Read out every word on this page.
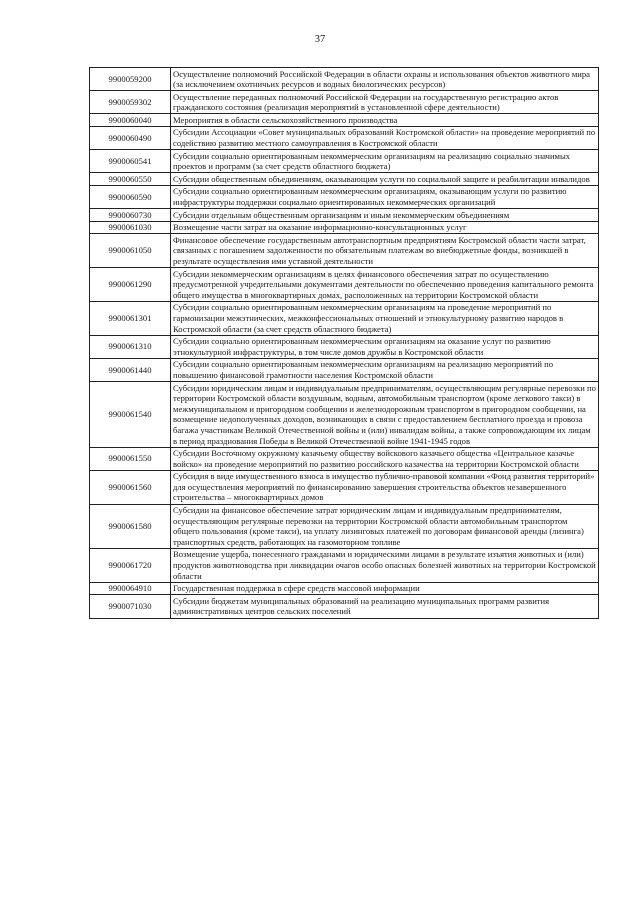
37
9900059200	Осуществление полномочий Российской Федерации в области охраны и использования объектов животного мира (за исключением охотничьих ресурсов и водных биологических ресурсов)
9900059302	Осуществление переданных полномочий Российской Федерации на государственную регистрацию актов гражданского состояния (реализация мероприятий в установленной сфере деятельности)
9900060040	Мероприятия в области сельскохозяйственного производства
9900060490	Субсидии Ассоциации «Совет муниципальных образований Костромской области» на проведение мероприятий по содействию развитию местного самоуправления в Костромской области
9900060541	Субсидии социально ориентированным некоммерческим организациям на реализацию социально значимых проектов и программ (за счет средств областного бюджета)
9900060550	Субсидии общественным объединениям, оказывающим услуги по социальной защите и реабилитации инвалидов
9900060590	Субсидии социально ориентированным некоммерческим организациям, оказывающим услуги по развитию инфраструктуры поддержки социально ориентированных некоммерческих организаций
9900060730	Субсидии отдельным общественным организациям и иным некоммерческим объединениям
9900061030	Возмещение части затрат на оказание информационно-консультационных услуг
9900061050	Финансовое обеспечение государственным автотранспортным предприятиям Костромской области части затрат, связанных с погашением задолженности по обязательным платежам во внебюджетные фонды, возникшей в результате осуществления ими уставной деятельности
9900061290	Субсидии некоммерческим организациям в целях финансового обеспечения затрат по осуществлению предусмотренной учредительными документами деятельности по обеспечению проведения капитального ремонта общего имущества в многоквартирных домах, расположенных на территории Костромской области
9900061301	Субсидии социально ориентированным некоммерческим организациям на проведение мероприятий по гармонизации межэтнических, межконфессиональных отношений и этнокультурному развитию народов в Костромской области (за счет средств областного бюджета)
9900061310	Субсидии социально ориентированным некоммерческим организациям на оказание услуг по развитию этнокультурной инфраструктуры, в том числе домов дружбы в Костромской области
9900061440	Субсидии социально ориентированным некоммерческим организациям на реализацию мероприятий по повышению финансовой грамотности населения Костромской области
9900061540	Субсидии юридическим лицам и индивидуальным предпринимателям, осуществляющим регулярные перевозки по территории Костромской области воздушным, водным, автомобильным транспортом (кроме легкового такси) в межмуниципальном и пригородном сообщении и железнодорожным транспортом в пригородном сообщении, на возмещение недополученных доходов, возникающих в связи с предоставлением бесплатного проезда и провоза багажа участникам Великой Отечественной войны и (или) инвалидам войны, а также сопровождающим их лицам в период празднования Победы в Великой Отечественной войне 1941-1945 годов
9900061550	Субсидии Восточному окружному казачьему обществу войскового казачьего общества «Центральное казачье войско» на проведение мероприятий по развитию российского казачества на территории Костромской области
9900061560	Субсидия в виде имущественного взноса в имущество публично-правовой компании «Фонд развития территорий» для осуществления мероприятий по финансированию завершения строительства объектов незавершенного строительства – многоквартирных домов
9900061580	Субсидии на финансовое обеспечение затрат юридическим лицам и индивидуальным предпринимателям, осуществляющим регулярные перевозки на территории Костромской области автомобильным транспортом общего пользования (кроме такси), на уплату лизинговых платежей по договорам финансовой аренды (лизинга) транспортных средств, работающих на газомоторном топливе
9900061720	Возмещение ущерба, понесенного гражданами и юридическими лицами в результате изъятия животных и (или) продуктов животноводства при ликвидации очагов особо опасных болезней животных на территории Костромской области
9900064910	Государственная поддержка в сфере средств массовой информации
9900071030	Субсидии бюджетам муниципальных образований на реализацию муниципальных программ развития административных центров сельских поселений
